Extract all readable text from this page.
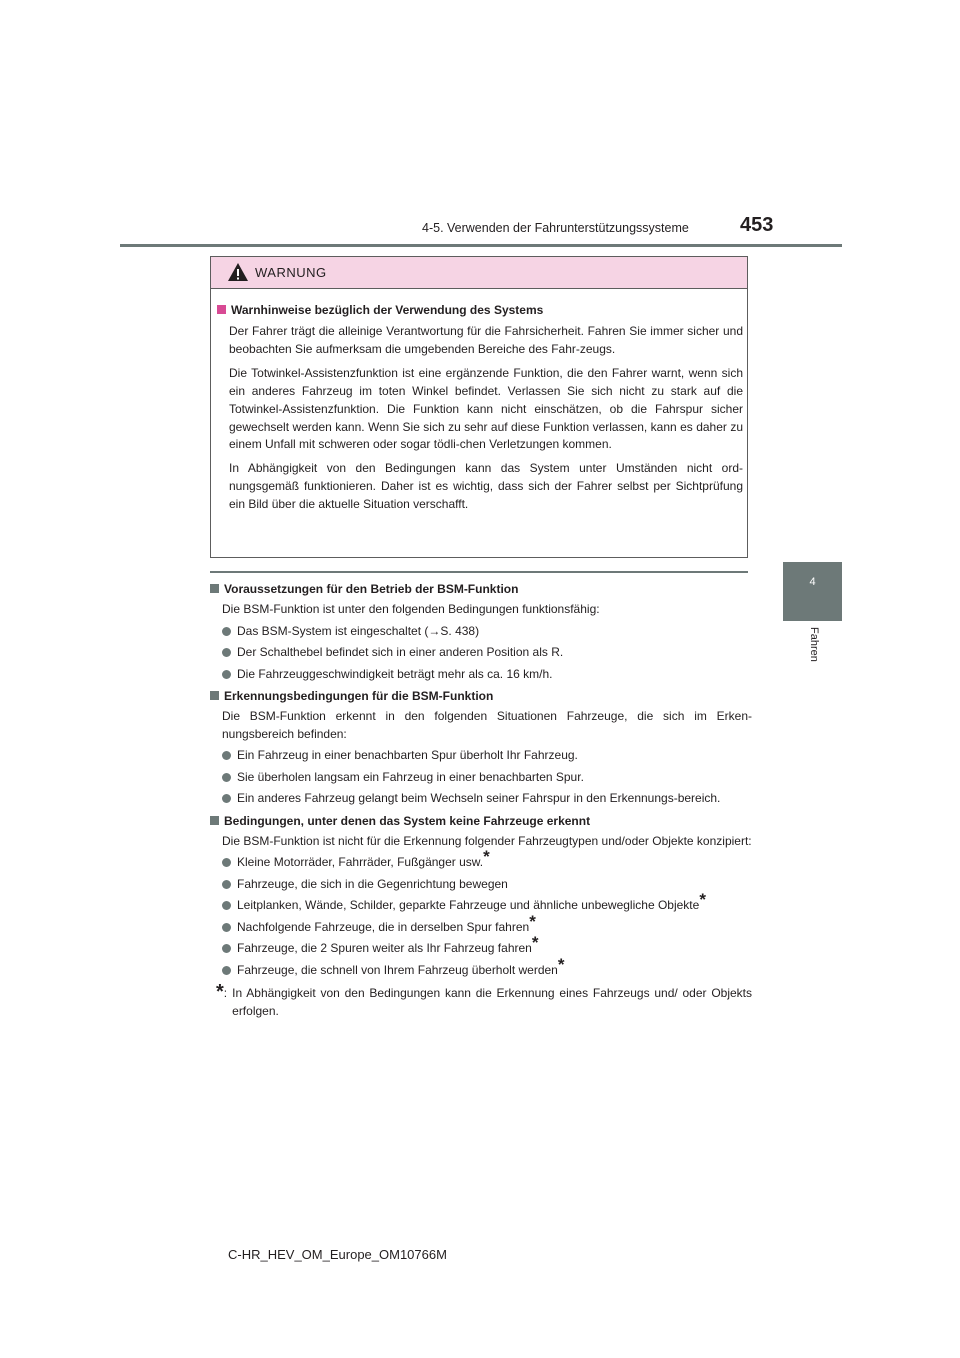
4-5. Verwenden der Fahrunterstützungssysteme	453
4
Fahren
WARNUNG
Warnhinweise bezüglich der Verwendung des Systems

Der Fahrer trägt die alleinige Verantwortung für die Fahrsicherheit. Fahren Sie immer sicher und beobachten Sie aufmerksam die umgebenden Bereiche des Fahr-zeugs.

Die Totwinkel-Assistenzfunktion ist eine ergänzende Funktion, die den Fahrer warnt, wenn sich ein anderes Fahrzeug im toten Winkel befindet. Verlassen Sie sich nicht zu stark auf die Totwinkel-Assistenzfunktion. Die Funktion kann nicht einschätzen, ob die Fahrspur sicher gewechselt werden kann. Wenn Sie sich zu sehr auf diese Funktion verlassen, kann es daher zu einem Unfall mit schweren oder sogar tödli-chen Verletzungen kommen.

In Abhängigkeit von den Bedingungen kann das System unter Umständen nicht ord-nungsgemäß funktionieren. Daher ist es wichtig, dass sich der Fahrer selbst per Sichtprüfung ein Bild über die aktuelle Situation verschafft.

Voraussetzungen für den Betrieb der BSM-Funktion

Die BSM-Funktion ist unter den folgenden Bedingungen funktionsfähig:

Das BSM-System ist eingeschaltet (→S. 438)
Der Schalthebel befindet sich in einer anderen Position als R.
Die Fahrzeuggeschwindigkeit beträgt mehr als ca. 16 km/h.
Erkennungsbedingungen für die BSM-Funktion

Die BSM-Funktion erkennt in den folgenden Situationen Fahrzeuge, die sich im Erken-nungsbereich befinden:

Ein Fahrzeug in einer benachbarten Spur überholt Ihr Fahrzeug.
Sie überholen langsam ein Fahrzeug in einer benachbarten Spur.
Ein anderes Fahrzeug gelangt beim Wechseln seiner Fahrspur in den Erkennungs-bereich.
Bedingungen, unter denen das System keine Fahrzeuge erkennt

Die BSM-Funktion ist nicht für die Erkennung folgender Fahrzeugtypen und/oder Objekte konzipiert:

Kleine Motorräder, Fahrräder, Fußgänger usw.*
Fahrzeuge, die sich in die Gegenrichtung bewegen
Leitplanken, Wände, Schilder, geparkte Fahrzeuge und ähnliche unbewegliche Objekte*
Nachfolgende Fahrzeuge, die in derselben Spur fahren*
Fahrzeuge, die 2 Spuren weiter als Ihr Fahrzeug fahren*
Fahrzeuge, die schnell von Ihrem Fahrzeug überholt werden*
* : In Abhängigkeit von den Bedingungen kann die Erkennung eines Fahrzeugs und/ oder Objekts erfolgen.
C-HR_HEV_OM_Europe_OM10766M
